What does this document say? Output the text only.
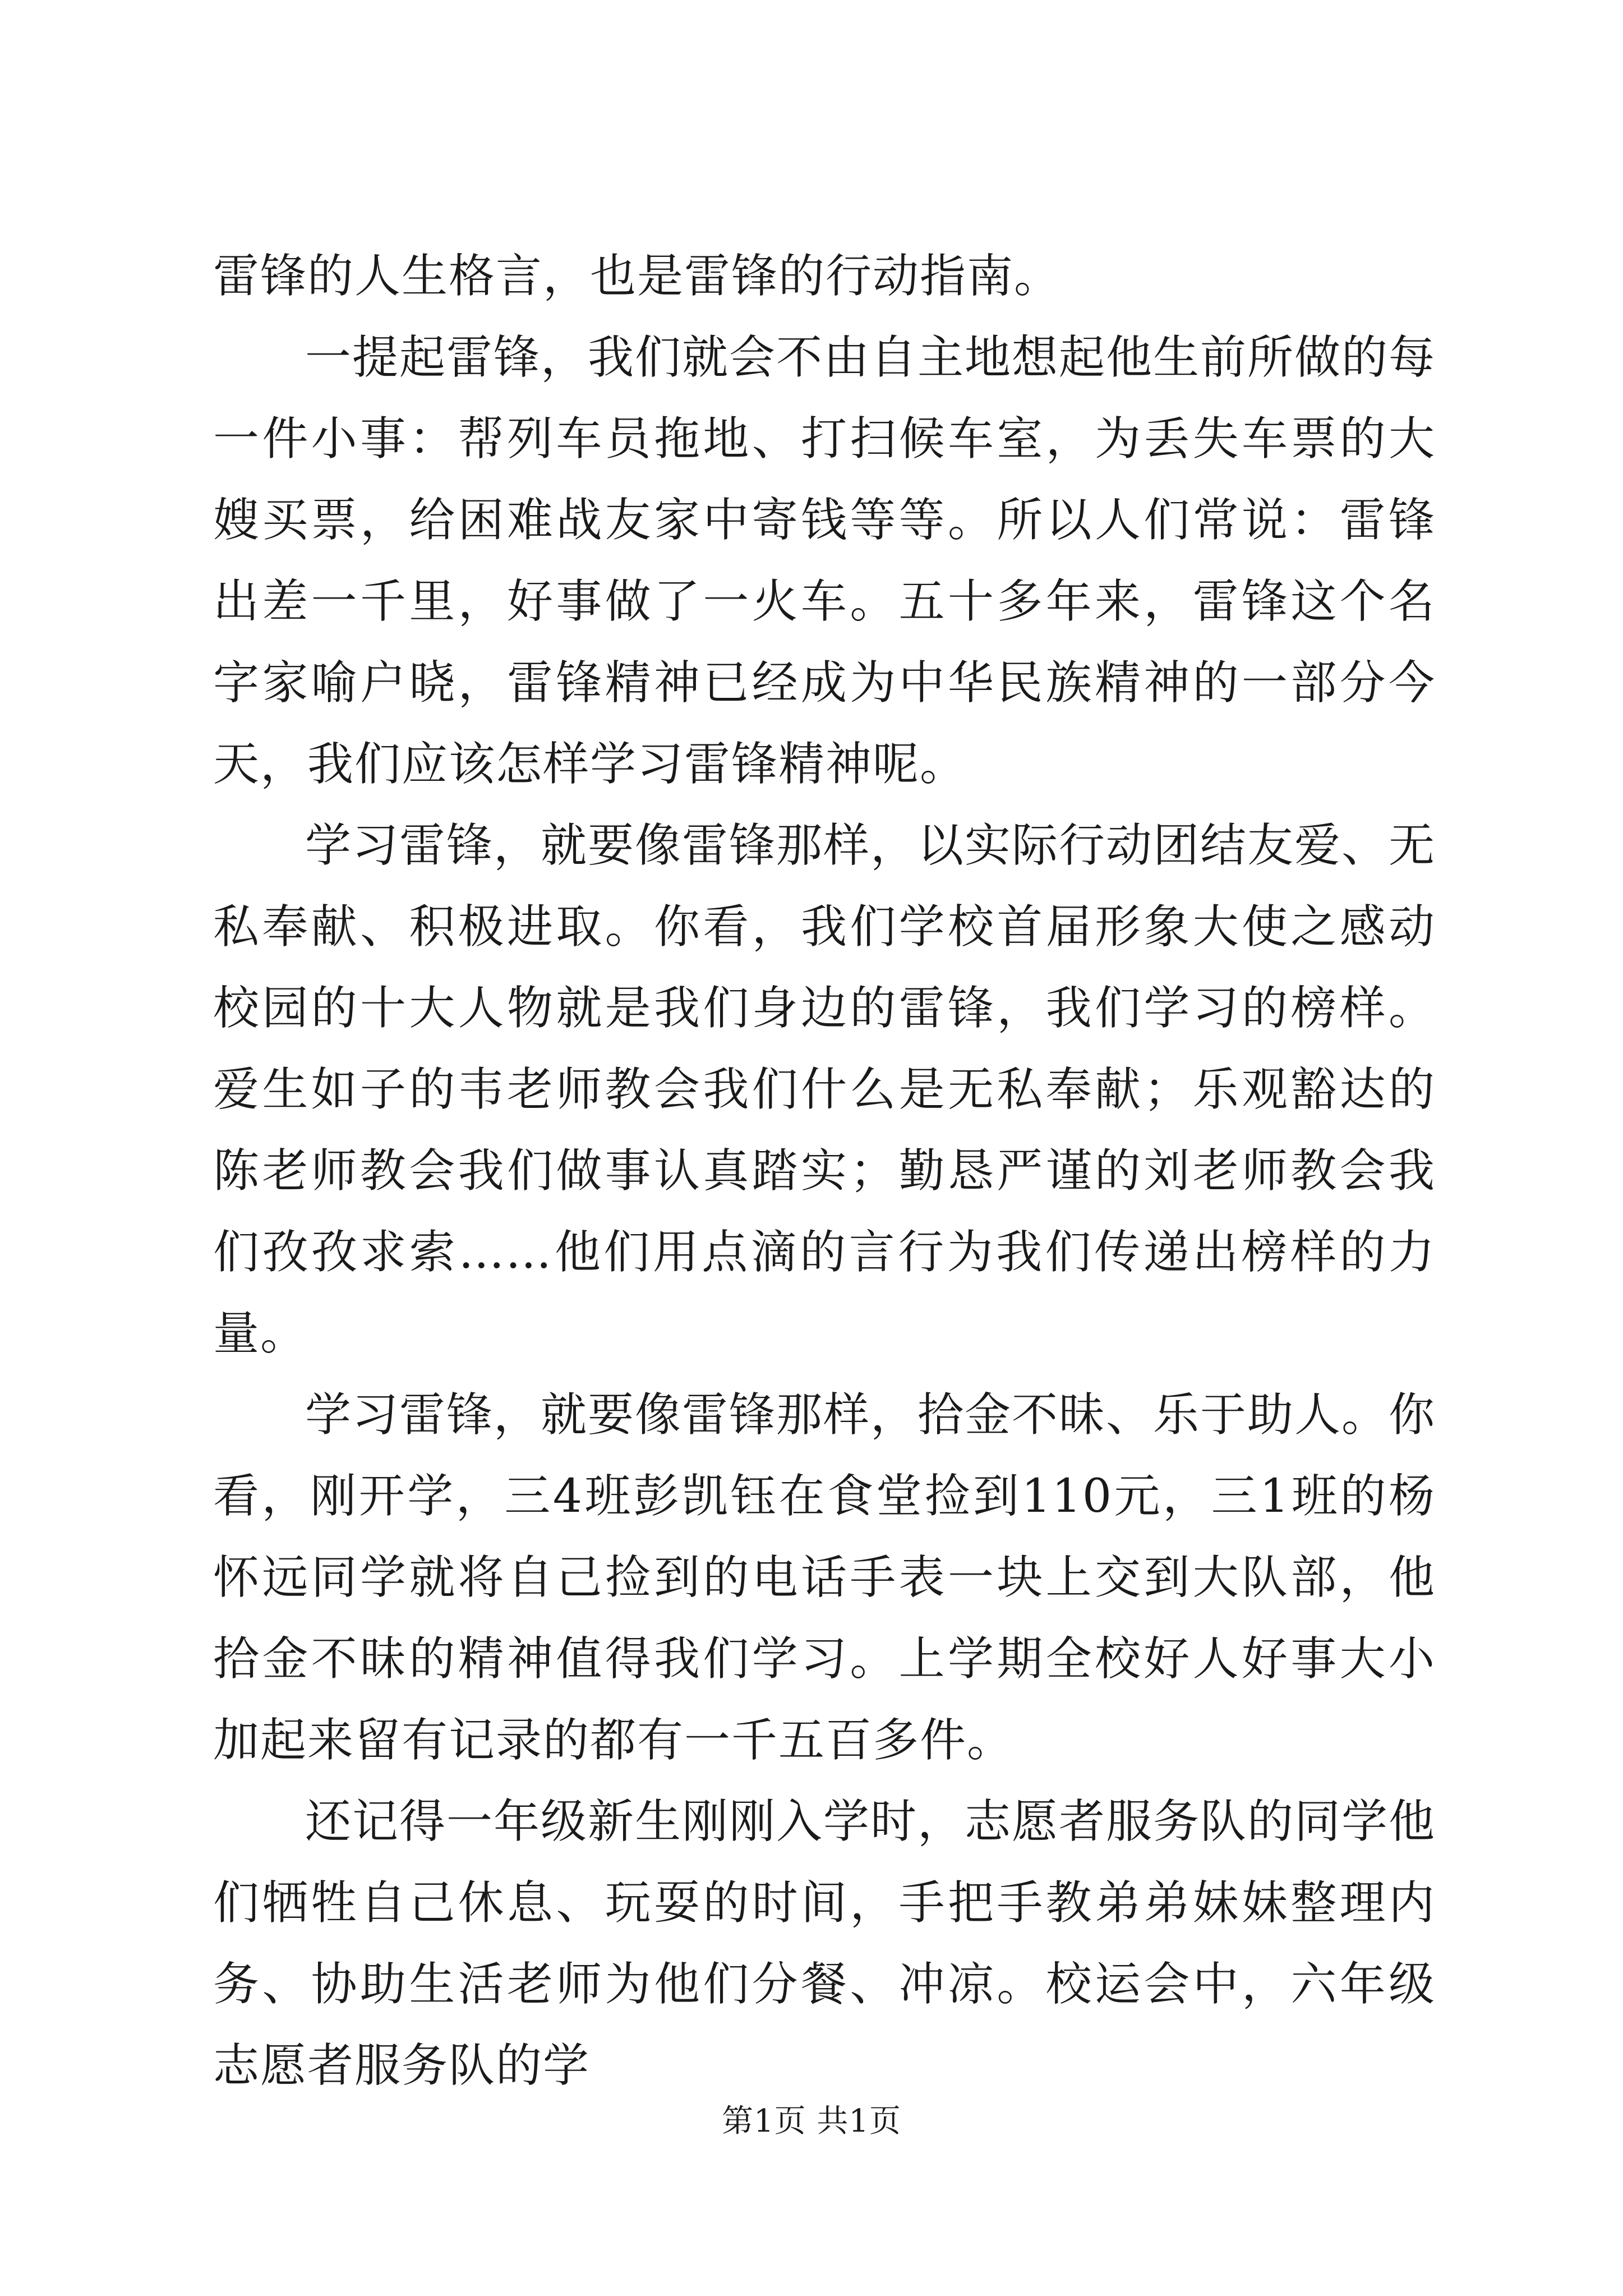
雷锋的人生格言，也是雷锋的行动指南。

一提起雷锋，我们就会不由自主地想起他生前所做的每一件小事：帮列车员拖地、打扫候车室，为丢失车票的大嫂买票，给困难战友家中寄钱等等。所以人们常说：雷锋出差一千里，好事做了一火车。五十多年来，雷锋这个名字家喻户晓，雷锋精神已经成为中华民族精神的一部分今天，我们应该怎样学习雷锋精神呢。

学习雷锋，就要像雷锋那样，以实际行动团结友爱、无私奉献、积极进取。你看，我们学校首届形象大使之感动校园的十大人物就是我们身边的雷锋，我们学习的榜样。爱生如子的韦老师教会我们什么是无私奉献；乐观豁达的陈老师教会我们做事认真踏实；勤恳严谨的刘老师教会我们孜孜求索……他们用点滴的言行为我们传递出榜样的力量。

学习雷锋，就要像雷锋那样，拾金不昧、乐于助人。你看，刚开学，三4班彭凯钰在食堂捡到110元，三1班的杨怀远同学就将自己捡到的电话手表一块上交到大队部，他拾金不昧的精神值得我们学习。上学期全校好人好事大小加起来留有记录的都有一千五百多件。

还记得一年级新生刚刚入学时，志愿者服务队的同学他们牺牲自己休息、玩耍的时间，手把手教弟弟妹妹整理内务、协助生活老师为他们分餐、冲凉。校运会中，六年级志愿者服务队的学

第1页 共1页
